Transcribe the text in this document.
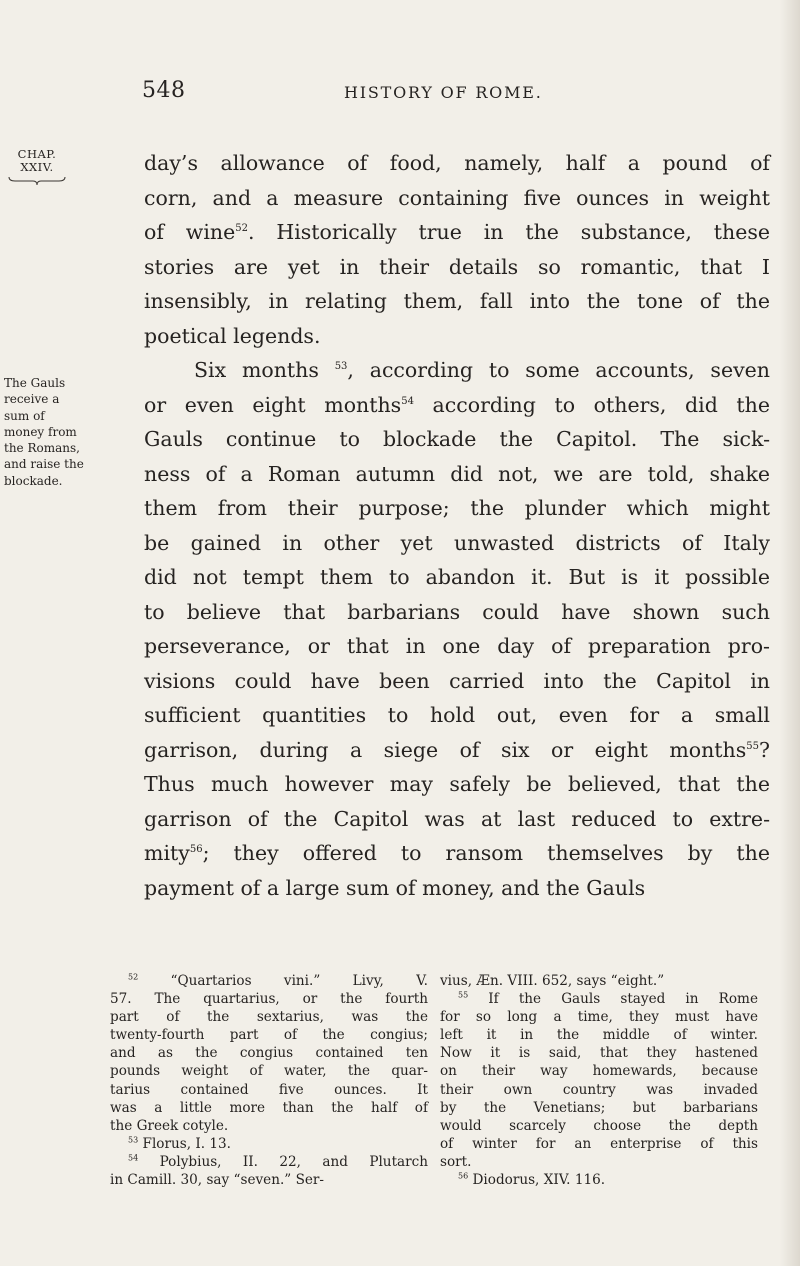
548	HISTORY OF ROME.
CHAP.
XXIV.
The Gauls
receive a
sum of
money from
the Romans,
and raise the
blockade.
day’s allowance of food, namely, half a pound of
corn, and a measure containing five ounces in weight
of wine$^{52}$. Historically true in the substance, these
stories are yet in their details so romantic, that I
insensibly, in relating them, fall into the tone of the
poetical legends.
Six months $^{53}$, according to some accounts, seven
or even eight months$^{54}$ according to others, did the
Gauls continue to blockade the Capitol. The sick-
ness of a Roman autumn did not, we are told, shake
them from their purpose; the plunder which might
be gained in other yet unwasted districts of Italy
did not tempt them to abandon it. But is it possible
to believe that barbarians could have shown such
perseverance, or that in one day of preparation pro-
visions could have been carried into the Capitol in
sufficient quantities to hold out, even for a small
garrison, during a siege of six or eight months$^{55}$?
Thus much however may safely be believed, that the
garrison of the Capitol was at last reduced to extre-
mity$^{56}$; they offered to ransom themselves by the
payment of a large sum of money, and the Gauls
$^{52}$ “Quartarios vini.” Livy, V.
57. The quartarius, or the fourth
part of the sextarius, was the
twenty-fourth part of the congius;
and as the congius contained ten
pounds weight of water, the quar-
tarius contained five ounces. It
was a little more than the half of
the Greek cotyle.
$^{53}$ Florus, I. 13.
$^{54}$ Polybius, II. 22, and Plutarch
in Camill. 30, say “seven.” Ser-
vius, Æn. VIII. 652, says “eight.”
$^{55}$ If the Gauls stayed in Rome
for so long a time, they must have
left it in the middle of winter.
Now it is said, that they hastened
on their way homewards, because
their own country was invaded
by the Venetians; but barbarians
would scarcely choose the depth
of winter for an enterprise of this
sort.
$^{56}$ Diodorus, XIV. 116.
